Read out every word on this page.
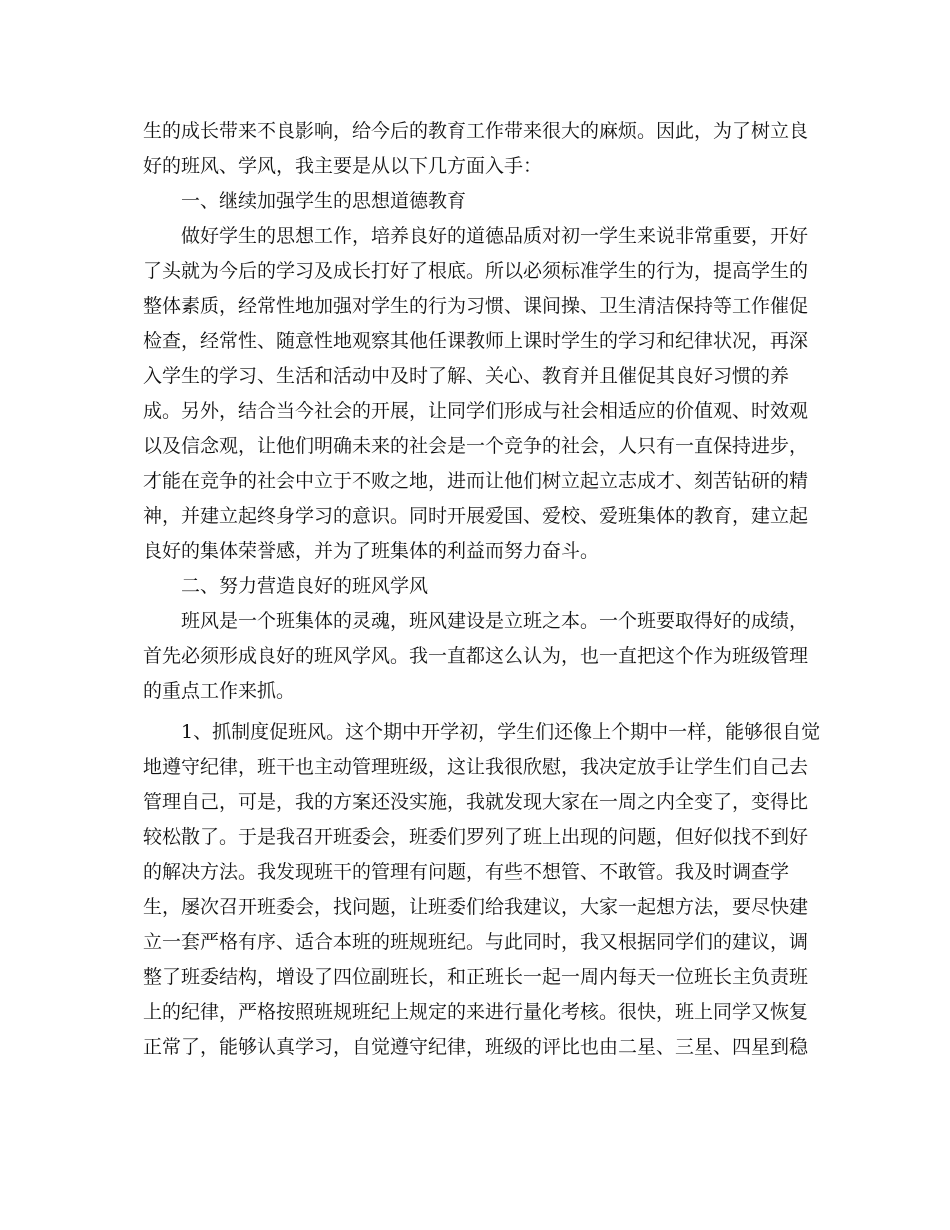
生的成长带来不良影响，给今后的教育工作带来很大的麻烦。因此，为了树立良

好的班风、学风，我主要是从以下几方面入手：

一、继续加强学生的思想道德教育

做好学生的思想工作，培养良好的道德品质对初一学生来说非常重要，开好

了头就为今后的学习及成长打好了根底。所以必须标准学生的行为，提高学生的

整体素质，经常性地加强对学生的行为习惯、课间操、卫生清洁保持等工作催促

检查，经常性、随意性地观察其他任课教师上课时学生的学习和纪律状况，再深

入学生的学习、生活和活动中及时了解、关心、教育并且催促其良好习惯的养

成。另外，结合当今社会的开展，让同学们形成与社会相适应的价值观、时效观

以及信念观，让他们明确未来的社会是一个竞争的社会，人只有一直保持进步，

才能在竞争的社会中立于不败之地，进而让他们树立起立志成才、刻苦钻研的精

神，并建立起终身学习的意识。同时开展爱国、爱校、爱班集体的教育，建立起

良好的集体荣誉感，并为了班集体的利益而努力奋斗。

二、努力营造良好的班风学风

班风是一个班集体的灵魂，班风建设是立班之本。一个班要取得好的成绩，

首先必须形成良好的班风学风。我一直都这么认为，也一直把这个作为班级管理

的重点工作来抓。

1、抓制度促班风。这个期中开学初，学生们还像上个期中一样，能够很自觉

地遵守纪律，班干也主动管理班级，这让我很欣慰，我决定放手让学生们自己去

管理自己，可是，我的方案还没实施，我就发现大家在一周之内全变了，变得比

较松散了。于是我召开班委会，班委们罗列了班上出现的问题，但好似找不到好

的解决方法。我发现班干的管理有问题，有些不想管、不敢管。我及时调查学

生，屡次召开班委会，找问题，让班委们给我建议，大家一起想方法，要尽快建

立一套严格有序、适合本班的班规班纪。与此同时，我又根据同学们的建议，调

整了班委结构，增设了四位副班长，和正班长一起一周内每天一位班长主负责班

上的纪律，严格按照班规班纪上规定的来进行量化考核。很快，班上同学又恢复

正常了，能够认真学习，自觉遵守纪律，班级的评比也由二星、三星、四星到稳
